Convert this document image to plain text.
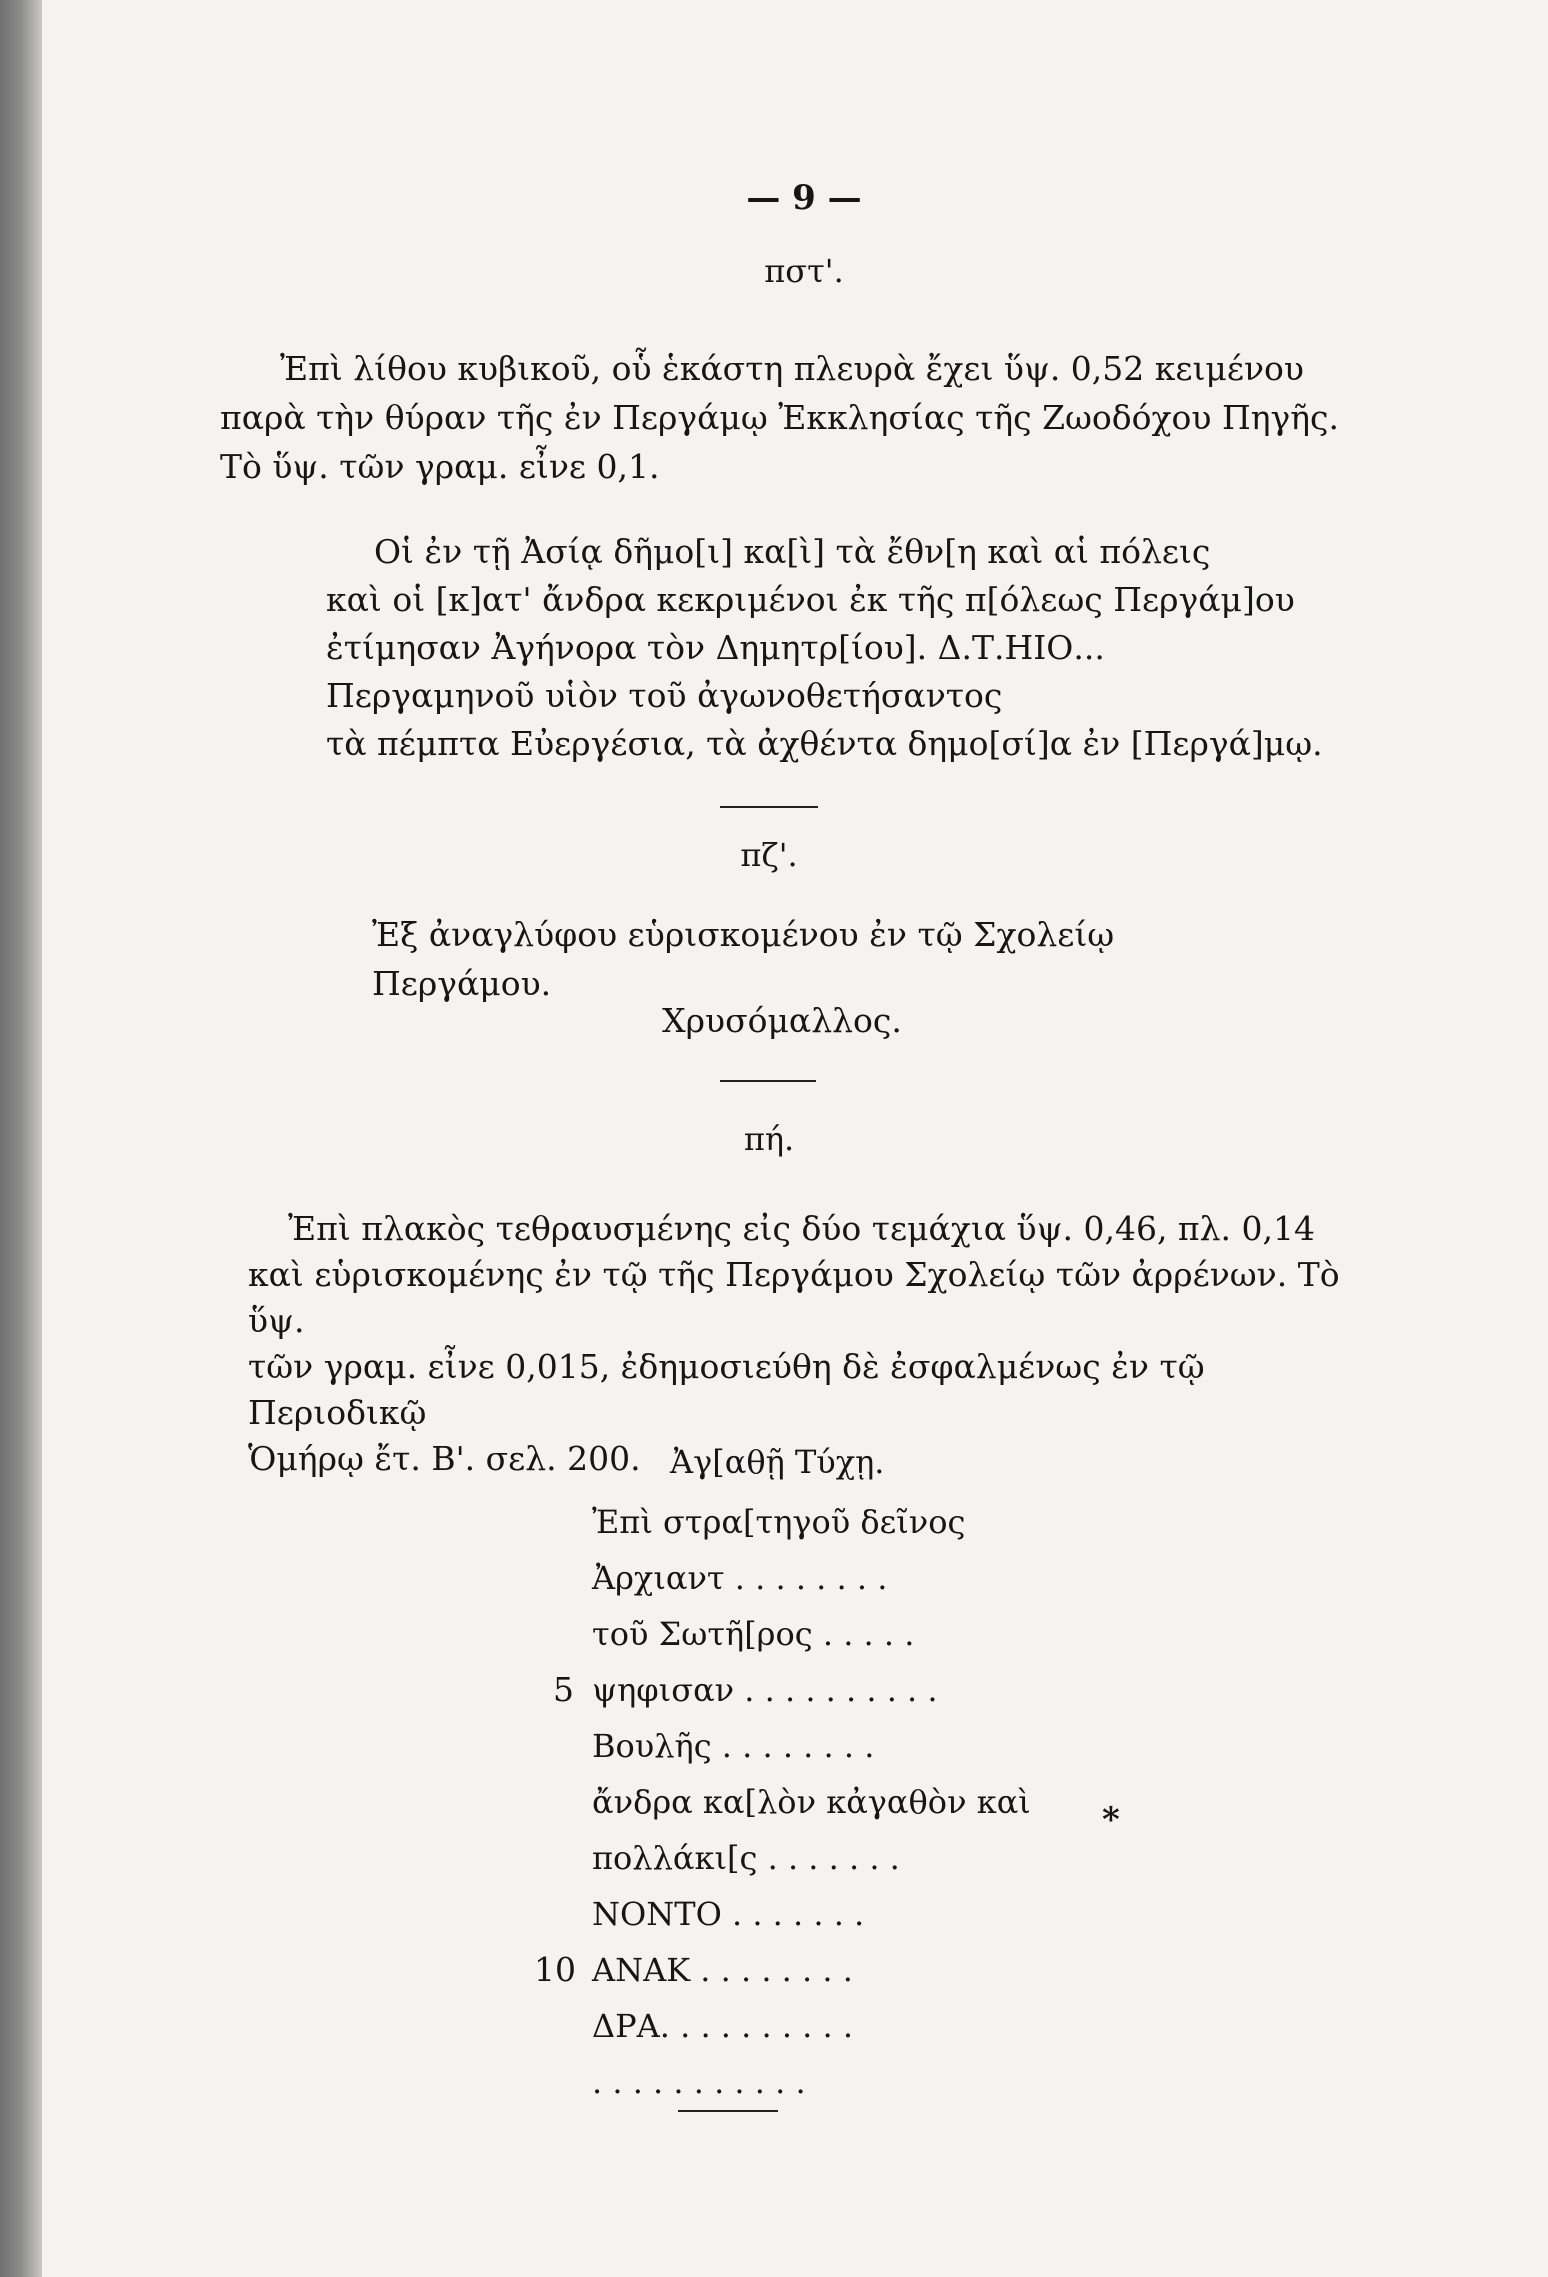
— 9 —
πστ'.
Ἐπὶ λίθου κυβικοῦ, οὗ ἑκάστη πλευρὰ ἔχει ὕψ. 0,52 κειμένου
παρὰ τὴν θύραν τῆς ἐν Περγάμῳ Ἐκκλησίας τῆς Ζωοδόχου Πηγῆς.
Τὸ ὕψ. τῶν γραμ. εἶνε 0,1.
Οἱ ἐν τῇ Ἀσίᾳ δῆμο[ι] κα[ὶ] τὰ ἔθν[η καὶ αἱ πόλεις
καὶ οἱ [κ]ατ' ἄνδρα κεκριμένοι ἐκ τῆς π[όλεως Περγάμ]ου
ἐτίμησαν Ἀγήνορα τὸν Δημητρ[ίου]. Δ.Τ.ΗΙΟ...
Περγαμηνοῦ υἱὸν τοῦ ἀγωνοθετήσαντος
τὰ πέμπτα Εὐεργέσια, τὰ ἀχθέντα δημο[σί]α ἐν [Περγά]μῳ.
πζ'.
Ἐξ ἀναγλύφου εὑρισκομένου ἐν τῷ Σχολείῳ Περγάμου.
Χρυσόμαλλος.
πή.
Ἐπὶ πλακὸς τεθραυσμένης εἰς δύο τεμάχια ὕψ. 0,46, πλ. 0,14
καὶ εὑρισκομένης ἐν τῷ τῆς Περγάμου Σχολείῳ τῶν ἀρρένων. Τὸ ὕψ.
τῶν γραμ. εἶνε 0,015, ἐδημοσιεύθη δὲ ἐσφαλμένως ἐν τῷ Περιοδικῷ
Ὁμήρῳ ἔτ. Β'. σελ. 200. Ἀγ[αθῇ Τύχῃ.
Ἐπὶ στρα[τηγοῦ δεῖνος
Ἀρχιαντ . . . . . . . .
τοῦ Σωτῆ[ρος . . . . .
5 ψηφισαν . . . . . . . . . .
Βουλῆς . . . . . . . .
ἄνδρα κα[λὸν κἀγαθὸν καὶ
πολλάκι[ς . . . . . . .
ΝΟΝΤΟ . . . . . . .
10 ΑΝΑΚ . . . . . . . .
ΔΡΑ. . . . . . . . . .
. . . . . . . . . . .
*
